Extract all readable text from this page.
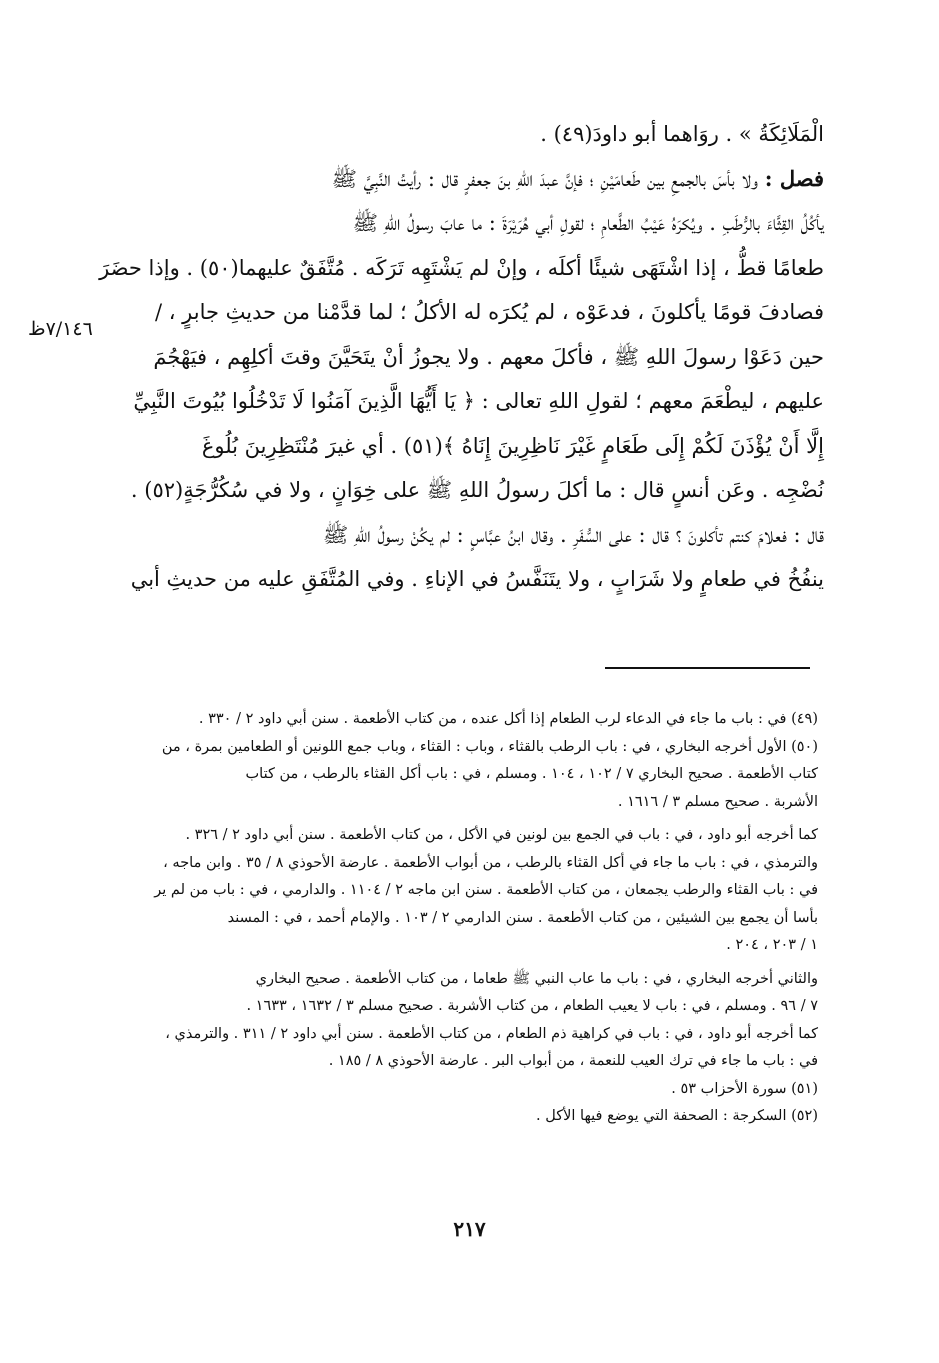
الْمَلَائِكَةُ » . روَاهما أبو داودَ(٤٩) .
فصل : ولا بأسَ بالجمعِ بين طَعامَيْنِ ؛ فإنَّ عبدَ اللهِ بنَ جعفرٍ قال : رأيتُ النَّبِيَّ ﷺ
يأكُلُ القِثَّاءَ بالرُّطَبِ . ويُكرَهُ عَيْبُ الطَّعامِ ؛ لقولِ أبي هُرَيْرَةَ : ما عابَ رسولُ اللهِ ﷺ
طعامًا قطُّ ، إذا اشْتَهَى شيئًا أكلَه ، وإنْ لم يَشْتَهِه تَرَكَه . مُتَّفَقٌ عليهما(٥٠) . وإذا حضَرَ
فصادفَ قومًا يأكلونَ ، فدعَوْه ، لم يُكرَه له الأكلُ ؛ لما قدَّمْنا من حديثِ جابرٍ ، /
حين دَعَوْا رسولَ اللهِ ﷺ ، فأكلَ معهم . ولا يجوزُ أنْ يتَحَيَّنَ وقتَ أكلِهِم ، فيَهْجُمَ
عليهم ، ليطْعَمَ معهم ؛ لقولِ اللهِ تعالى : ﴿ يَا أَيُّهَا الَّذِينَ آمَنُوا لَا تَدْخُلُوا بُيُوتَ النَّبِيِّ
إِلَّا أَنْ يُؤْذَنَ لَكُمْ إِلَى طَعَامٍ غَيْرَ نَاظِرِينَ إِنَاهُ ﴾(٥١) . أي غيرَ مُنْتَظِرِينَ بُلُوغَ
نُضْجِه . وعَن أنسٍ قال : ما أكلَ رسولُ اللهِ ﷺ على خِوَانٍ ، ولا في سُكُرُّجَةٍ(٥٢) .
قال : فعلامَ كنتم تأكلونَ ؟ قال : على السُّفَرِ . وقال ابنُ عبَّاسٍ : لم يكُنْ رسولُ اللهِ ﷺ
ينفُخُ في طعامٍ ولا شَرَابٍ ، ولا يتَنَفَّسُ في الإناءِ . وفي المُتَّفَقِ عليه من حديثِ أبي
٧/١٤٦ظ
(٤٩) في : باب ما جاء في الدعاء لرب الطعام إذا أكل عنده ، من كتاب الأطعمة . سنن أبي داود ٢ / ٣٣٠ .
(٥٠) الأول أخرجه البخاري ، في : باب الرطب بالقثاء ، وباب : القثاء ، وباب جمع اللونين أو الطعامين بمرة ، من
كتاب الأطعمة . صحيح البخاري ٧ / ١٠٢ ، ١٠٤ . ومسلم ، في : باب أكل القثاء بالرطب ، من كتاب
الأشربة . صحيح مسلم ٣ / ١٦١٦ .
كما أخرجه أبو داود ، في : باب في الجمع بين لونين في الأكل ، من كتاب الأطعمة . سنن أبي داود ٢ / ٣٢٦ .
والترمذي ، في : باب ما جاء في أكل القثاء بالرطب ، من أبواب الأطعمة . عارضة الأحوذي ٨ / ٣٥ . وابن ماجه ،
في : باب القثاء والرطب يجمعان ، من كتاب الأطعمة . سنن ابن ماجه ٢ / ١١٠٤ . والدارمي ، في : باب من لم ير
بأسا أن يجمع بين الشيئين ، من كتاب الأطعمة . سنن الدارمي ٢ / ١٠٣ . والإمام أحمد ، في : المسند
١ / ٢٠٣ ، ٢٠٤ .
والثاني أخرجه البخاري ، في : باب ما عاب النبي ﷺ طعاما ، من كتاب الأطعمة . صحيح البخاري
٧ / ٩٦ . ومسلم ، في : باب لا يعيب الطعام ، من كتاب الأشربة . صحيح مسلم ٣ / ١٦٣٢ ، ١٦٣٣ .
كما أخرجه أبو داود ، في : باب في كراهية ذم الطعام ، من كتاب الأطعمة . سنن أبي داود ٢ / ٣١١ . والترمذي ،
في : باب ما جاء في ترك العيب للنعمة ، من أبواب البر . عارضة الأحوذي ٨ / ١٨٥ .
(٥١) سورة الأحزاب ٥٣ .
(٥٢) السكرجة : الصحفة التي يوضع فيها الأكل .
٢١٧
